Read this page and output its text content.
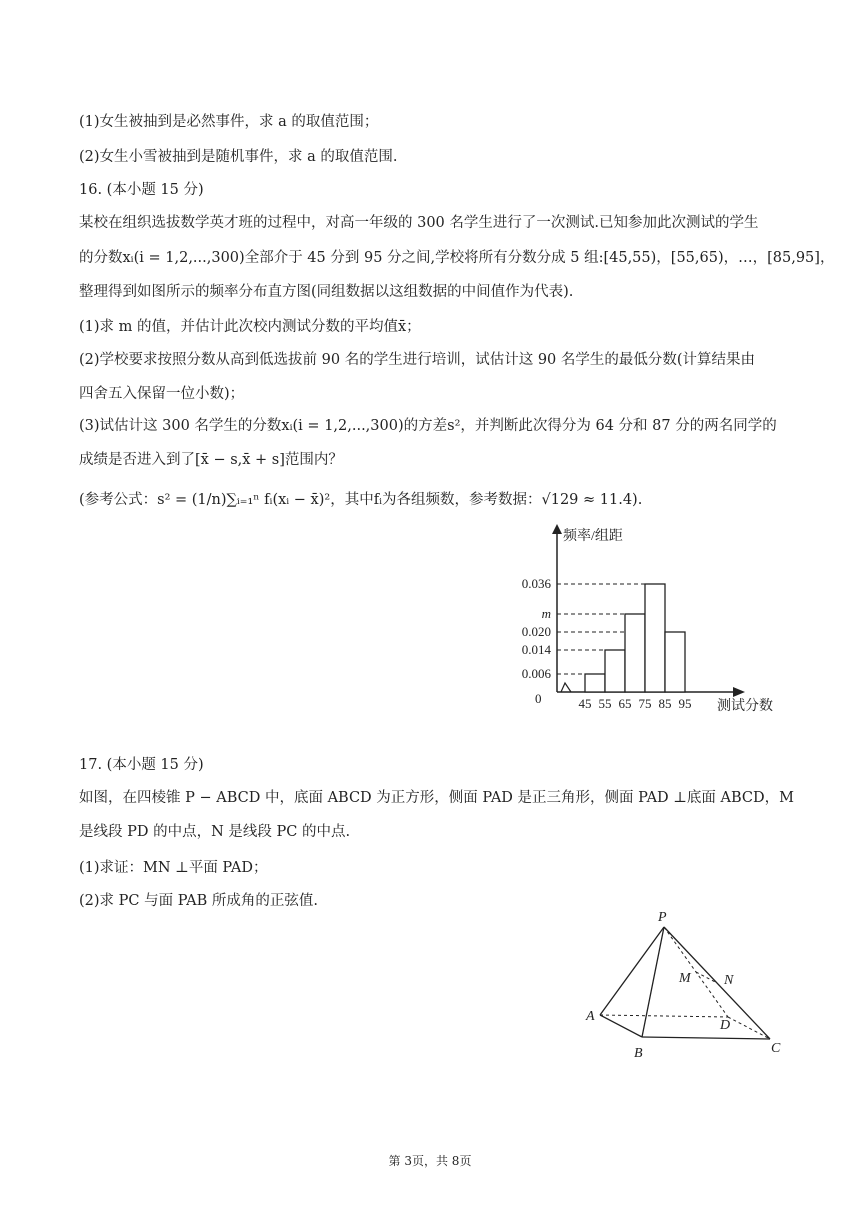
(1)女生被抽到是必然事件，求 a 的取值范围；
(2)女生小雪被抽到是随机事件，求 a 的取值范围.
16. (本小题 15 分)
某校在组织选拔数学英才班的过程中，对高一年级的 300 名学生进行了一次测试.已知参加此次测试的学生
的分数xᵢ(i = 1,2,...,300)全部介于 45 分到 95 分之间,学校将所有分数分成 5 组:[45,55)，[55,65)，…，[85,95]，
整理得到如图所示的频率分布直方图(同组数据以这组数据的中间值作为代表).
(1)求 m 的值，并估计此次校内测试分数的平均值x̄；
(2)学校要求按照分数从高到低选拔前 90 名的学生进行培训，试估计这 90 名学生的最低分数(计算结果由
四舍五入保留一位小数)；
(3)试估计这 300 名学生的分数xᵢ(i = 1,2,...,300)的方差s²，并判断此次得分为 64 分和 87 分的两名同学的
成绩是否进入到了[x̄ − s,x̄ + s]范围内？
(参考公式：s² = (1/n)∑ᵢ₌₁ⁿ fᵢ(xᵢ − x̄)²，其中fᵢ为各组频数，参考数据：√129 ≈ 11.4).
频率/组距
测试分数
0
0.006
0.014
0.020
m
0.036
45 55 65 75 85 95
17. (本小题 15 分)
如图，在四棱锥 P − ABCD 中，底面 ABCD 为正方形，侧面 PAD 是正三角形，侧面 PAD ⊥底面 ABCD，M
是线段 PD 的中点，N 是线段 PC 的中点.
(1)求证：MN ⊥平面 PAD；
(2)求 PC 与面 PAB 所成角的正弦值.
P
M N
A
D
B	C
第 3页，共 8页
